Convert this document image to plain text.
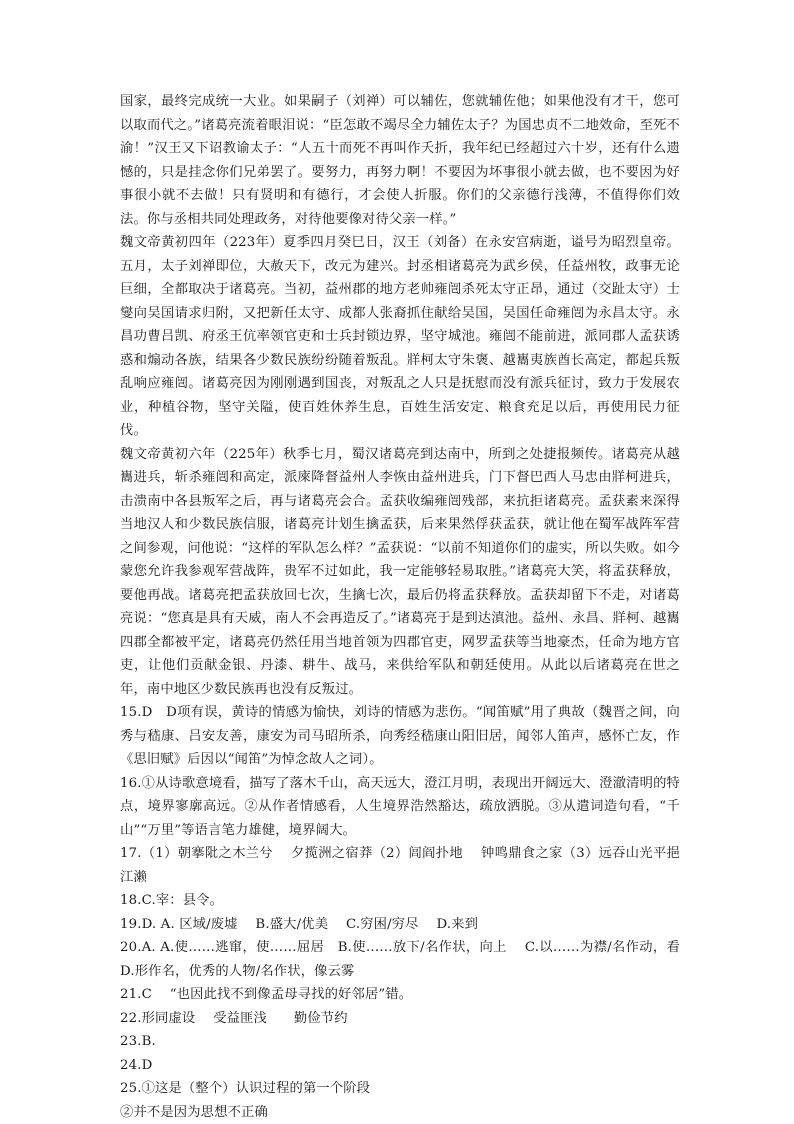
国家，最终完成统一大业。如果嗣子（刘禅）可以辅佐，您就辅佐他；如果他没有才干，您可以取而代之。”诸葛亮流着眼泪说：“臣怎敢不竭尽全力辅佐太子？为国忠贞不二地效命，至死不渝！”汉王又下诏教谕太子：“人五十而死不再叫作夭折，我年纪已经超过六十岁，还有什么遗憾的，只是挂念你们兄弟罢了。要努力，再努力啊！不要因为坏事很小就去做，也不要因为好事很小就不去做！只有贤明和有德行，才会使人折服。你们的父亲德行浅薄，不值得你们效法。你与丞相共同处理政务，对待他要像对待父亲一样。”

魏文帝黄初四年（223年）夏季四月癸巳日，汉王（刘备）在永安宫病逝，谥号为昭烈皇帝。五月，太子刘禅即位，大赦天下，改元为建兴。封丞相诸葛亮为武乡侯，任益州牧，政事无论巨细，全都取决于诸葛亮。当初，益州郡的地方老帅雍闿杀死太守正昂，通过（交趾太守）士燮向吴国请求归附，又把新任太守、成都人张裔抓住献给吴国，吴国任命雍闿为永昌太守。永昌功曹吕凯、府丞王伉率领官吏和士兵封锁边界，坚守城池。雍闿不能前进，派同郡人孟获诱惑和煽动各族，结果各少数民族纷纷随着叛乱。牂柯太守朱褒、越巂夷族酋长高定，都起兵叛乱响应雍闿。诸葛亮因为刚刚遇到国丧，对叛乱之人只是抚慰而没有派兵征讨，致力于发展农业，种植谷物，坚守关隘，使百姓休养生息，百姓生活安定、粮食充足以后，再使用民力征伐。

魏文帝黄初六年（225年）秋季七月，蜀汉诸葛亮到达南中，所到之处捷报频传。诸葛亮从越巂进兵，斩杀雍闿和高定，派庲降督益州人李恢由益州进兵，门下督巴西人马忠由牂柯进兵，击溃南中各县叛军之后，再与诸葛亮会合。孟获收编雍闿残部，来抗拒诸葛亮。孟获素来深得当地汉人和少数民族信服，诸葛亮计划生擒孟获，后来果然俘获孟获，就让他在蜀军战阵军营之间参观，问他说：“这样的军队怎么样？”孟获说：“以前不知道你们的虚实，所以失败。如今蒙您允许我参观军营战阵，贵军不过如此，我一定能够轻易取胜。”诸葛亮大笑，将孟获释放，要他再战。诸葛亮把孟获放回七次，生擒七次，最后仍将孟获释放。孟获却留下不走，对诸葛亮说：“您真是具有天威，南人不会再造反了。”诸葛亮于是到达滇池。益州、永昌、牂柯、越巂四郡全都被平定，诸葛亮仍然任用当地首领为四郡官吏，网罗孟获等当地豪杰，任命为地方官吏，让他们贡献金银、丹漆、耕牛、战马，来供给军队和朝廷使用。从此以后诸葛亮在世之年，南中地区少数民族再也没有反叛过。

15.D　D项有误，黄诗的情感为愉快，刘诗的情感为悲伤。“闻笛赋”用了典故（魏晋之间，向秀与嵇康、吕安友善，康安为司马昭所杀，向秀经嵇康山阳旧居，闻邻人笛声，感怀亡友，作《思旧赋》后因以“闻笛”为悼念故人之词）。

16.①从诗歌意境看，描写了落木千山，高天远大，澄江月明，表现出开阔远大、澄澈清明的特点，境界寥廓高远。②从作者情感看，人生境界浩然豁达，疏放洒脱。③从遣词造句看，“千山”“万里”等语言笔力雄健，境界阔大。

17.（1）朝搴阰之木兰兮　 夕揽洲之宿莽（2）闾阎扑地　 钟鸣鼎食之家（3）远吞山光平挹江濑

18.C.宰：县令。

19.D. A. 区域/废墟　 B.盛大/优美　 C.穷困/穷尽　 D.来到

20.A. A.使……逃窜，使……屈居　B.使……放下/名作状，向上　 C.以……为襟/名作动，看　 D.形作名，优秀的人物/名作状，像云雾

21.C　 “也因此找不到像孟母寻找的好邻居”错。

22.形同虚设　 受益匪浅　　勤俭节约

23.B.

24.D

25.①这是（整个）认识过程的第一个阶段

②并不是因为思想不正确
